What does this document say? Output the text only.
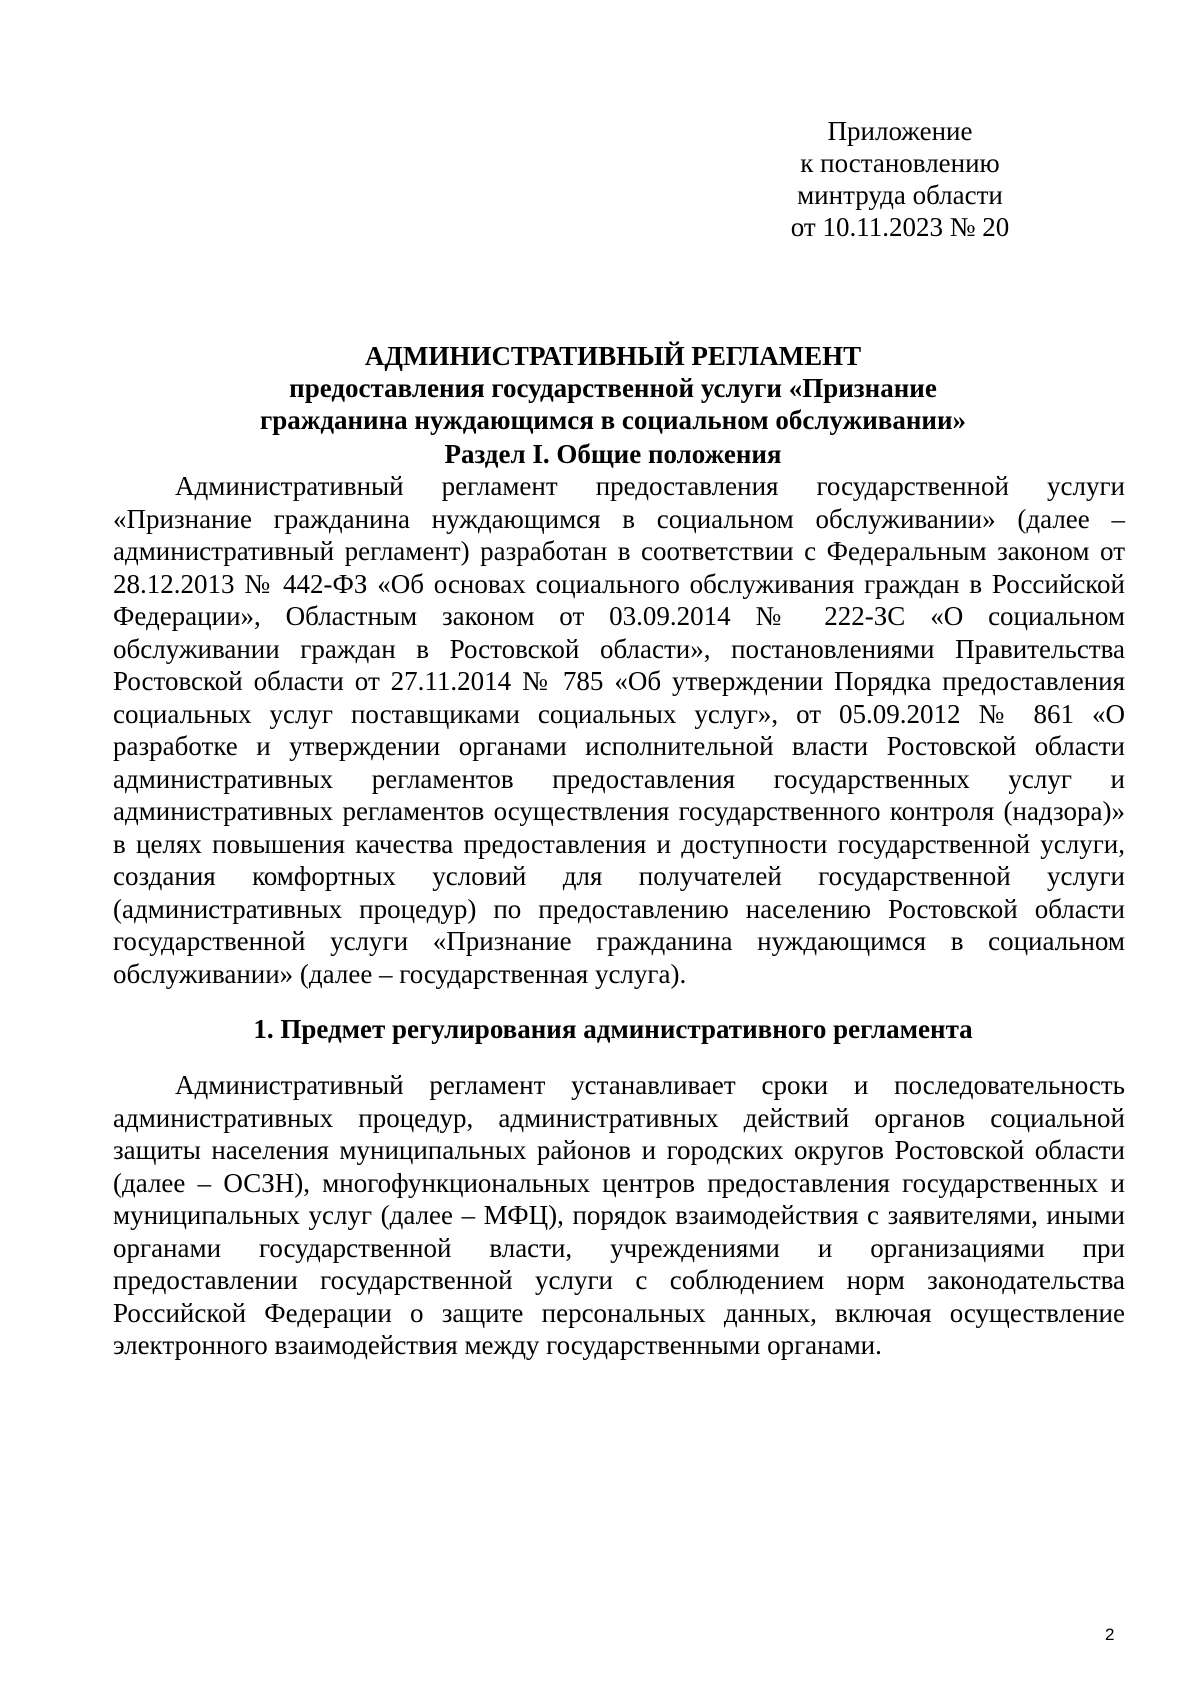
Приложение
к постановлению
минтруда области
от 10.11.2023 № 20
АДМИНИСТРАТИВНЫЙ РЕГЛАМЕНТ
предоставления государственной услуги «Признание
гражданина нуждающимся в социальном обслуживании»
Раздел I. Общие положения

Административный регламент предоставления государственной услуги «Признание гражданина нуждающимся в социальном обслуживании» (далее – административный регламент) разработан в соответствии с Федеральным законом от 28.12.2013 № 442-ФЗ «Об основах социального обслуживания граждан в Российской Федерации», Областным законом от 03.09.2014 № 222-ЗС «О социальном обслуживании граждан в Ростовской области», постановлениями Правительства Ростовской области от 27.11.2014 № 785 «Об утверждении Порядка предоставления социальных услуг поставщиками социальных услуг», от 05.09.2012 № 861 «О разработке и утверждении органами исполнительной власти Ростовской области административных регламентов предоставления государственных услуг и административных регламентов осуществления государственного контроля (надзора)» в целях повышения качества предоставления и доступности государственной услуги, создания комфортных условий для получателей государственной услуги (административных процедур) по предоставлению населению Ростовской области государственной услуги «Признание гражданина нуждающимся в социальном обслуживании» (далее – государственная услуга).

1. Предмет регулирования административного регламента

Административный регламент устанавливает сроки и последовательность административных процедур, административных действий органов социальной защиты населения муниципальных районов и городских округов Ростовской области (далее – ОСЗН), многофункциональных центров предоставления государственных и муниципальных услуг (далее – МФЦ), порядок взаимодействия с заявителями, иными органами государственной власти, учреждениями и организациями при предоставлении государственной услуги с соблюдением норм законодательства Российской Федерации о защите персональных данных, включая осуществление электронного взаимодействия между государственными органами.

2
